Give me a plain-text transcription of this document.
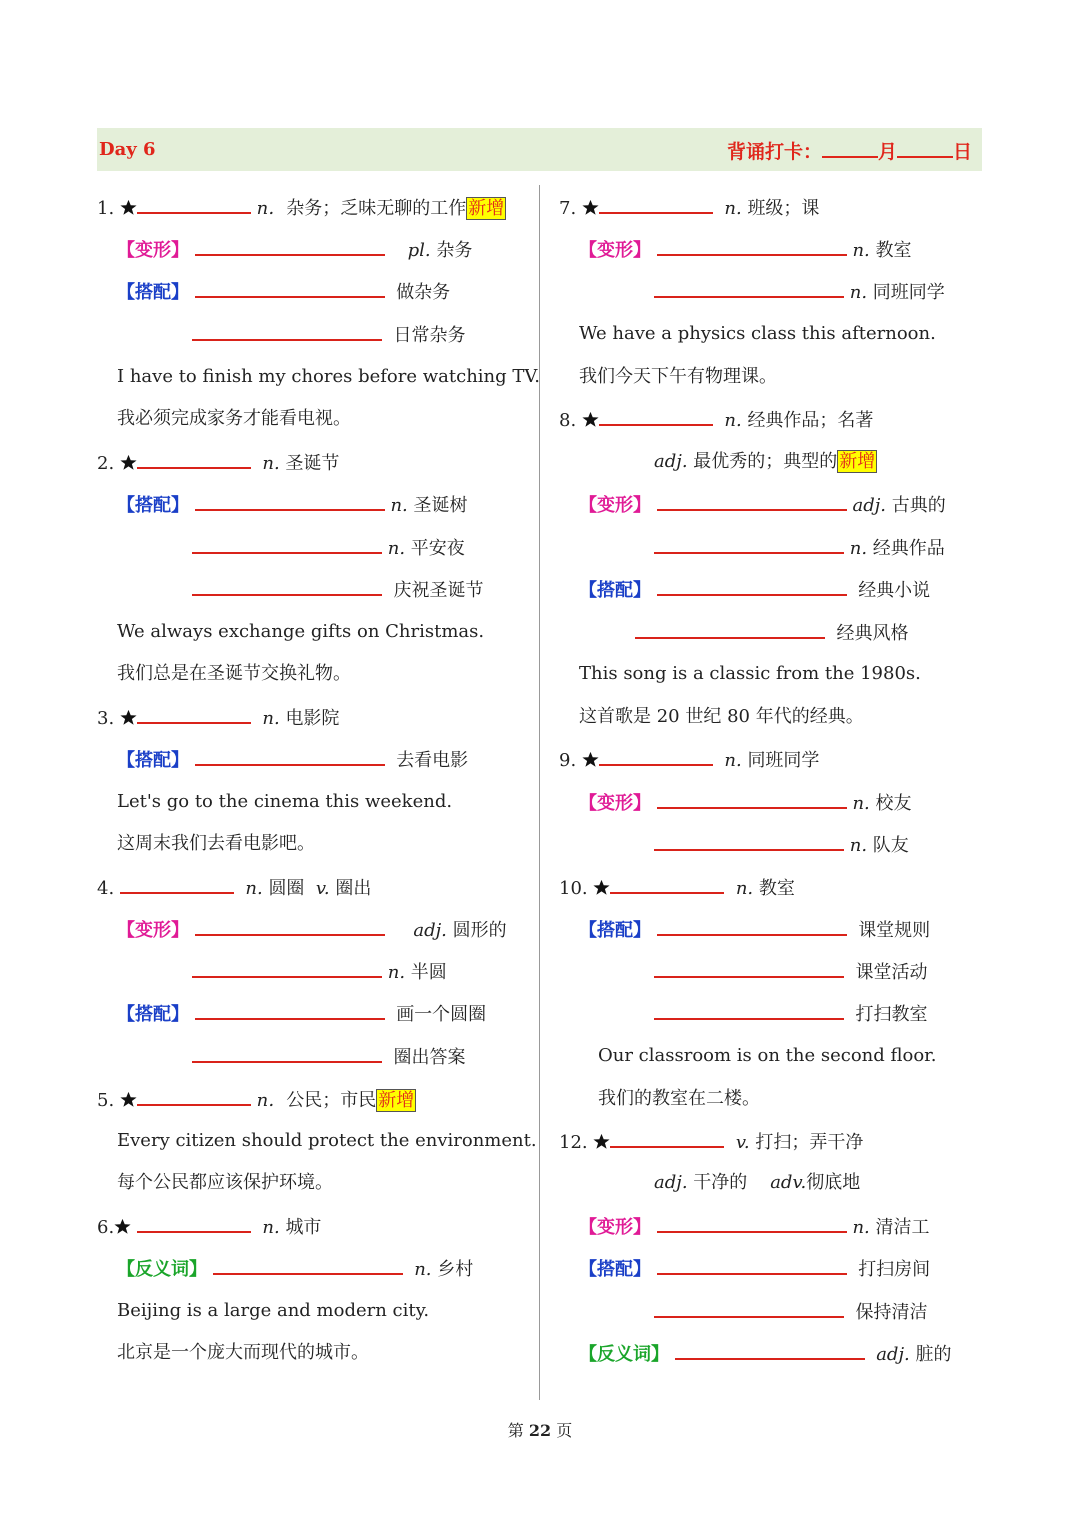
Day 6	背诵打卡：	月	日
1.	n．杂务；乏味无聊的工作 新增
【变形】	pl. 杂务
【搭配】	做杂务
日常杂务
I have to finish my chores before watching TV.
我必须完成家务才能看电视。
2.	n. 圣诞节
【搭配】	n. 圣诞树
n. 平安夜
庆祝圣诞节
We always exchange gifts on Christmas.
我们总是在圣诞节交换礼物。
3.	n. 电影院
【搭配】	去看电影
Let's go to the cinema this weekend.
这周末我们去看电影吧。
4.	n. 圆圈 v. 圈出
【变形】	adj. 圆形的
n. 半圆
【搭配】	画一个圆圈
圈出答案
5.	n．公民；市民 新增
Every citizen should protect the environment.
每个公民都应该保护环境。
6.	n. 城市
【反义词】	n. 乡村
Beijing is a large and modern city.
北京是一个庞大而现代的城市。
7.	n. 班级；课
【变形】	n. 教室
n. 同班同学
We have a physics class this afternoon.
我们今天下午有物理课。
8.	n. 经典作品；名著
adj. 最优秀的；典型的 新增
【变形】	adj. 古典的
n. 经典作品
【搭配】	经典小说
经典风格
This song is a classic from the 1980s.
这首歌是 20 世纪 80 年代的经典。
9.	n. 同班同学
【变形】	n. 校友
n. 队友
10.	n. 教室
【搭配】	课堂规则
课堂活动
打扫教室
Our classroom is on the second floor.
我们的教室在二楼。
12.	v. 打扫；弄干净
adj. 干净的 adv.彻底地
【变形】	n. 清洁工
【搭配】	打扫房间
保持清洁
【反义词】	adj. 脏的
第 22 页
